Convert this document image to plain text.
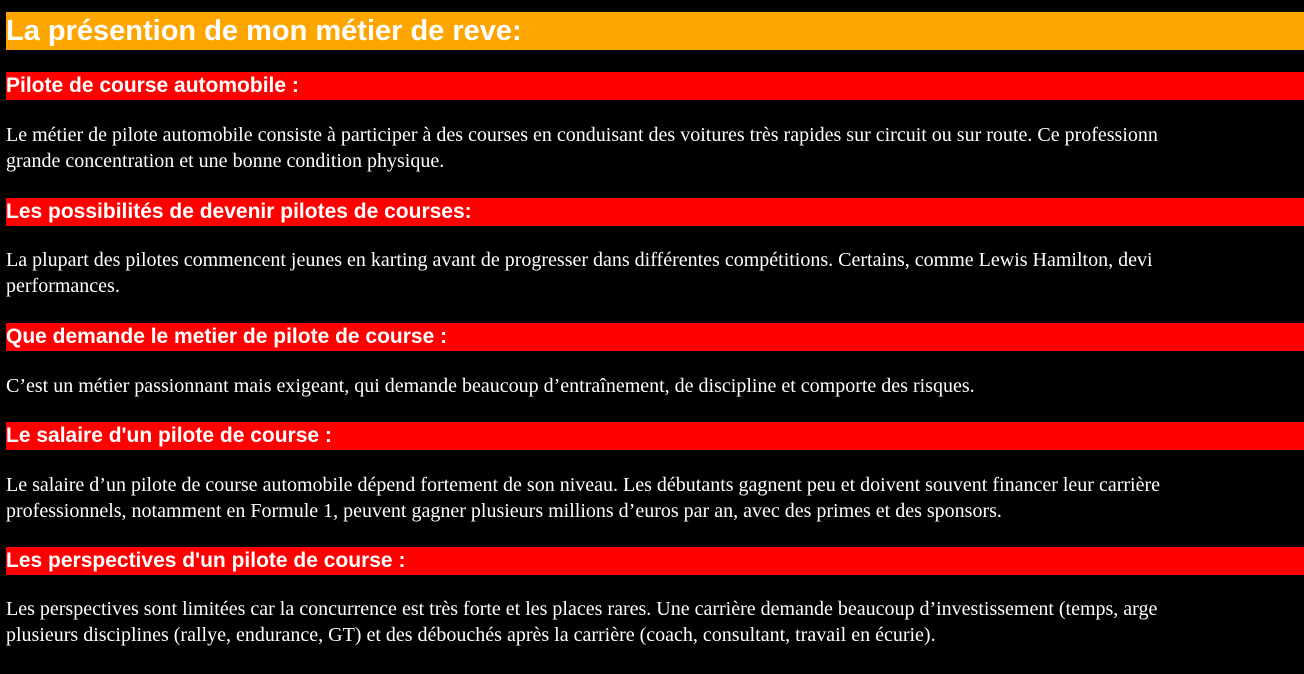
La présention de mon métier de reve:
Pilote de course automobile :
Le métier de pilote automobile consiste à participer à des courses en conduisant des voitures très rapides sur circuit ou sur route. Ce professionn
grande concentration et une bonne condition physique.
Les possibilités de devenir pilotes de courses:
La plupart des pilotes commencent jeunes en karting avant de progresser dans différentes compétitions. Certains, comme Lewis Hamilton, devi
performances.
Que demande le metier de pilote de course :
C’est un métier passionnant mais exigeant, qui demande beaucoup d’entraînement, de discipline et comporte des risques.
Le salaire d'un pilote de course :
Le salaire d’un pilote de course automobile dépend fortement de son niveau. Les débutants gagnent peu et doivent souvent financer leur carrière
professionnels, notamment en Formule 1, peuvent gagner plusieurs millions d’euros par an, avec des primes et des sponsors.
Les perspectives d'un pilote de course :
Les perspectives sont limitées car la concurrence est très forte et les places rares. Une carrière demande beaucoup d’investissement (temps, arge
plusieurs disciplines (rallye, endurance, GT) et des débouchés après la carrière (coach, consultant, travail en écurie).
